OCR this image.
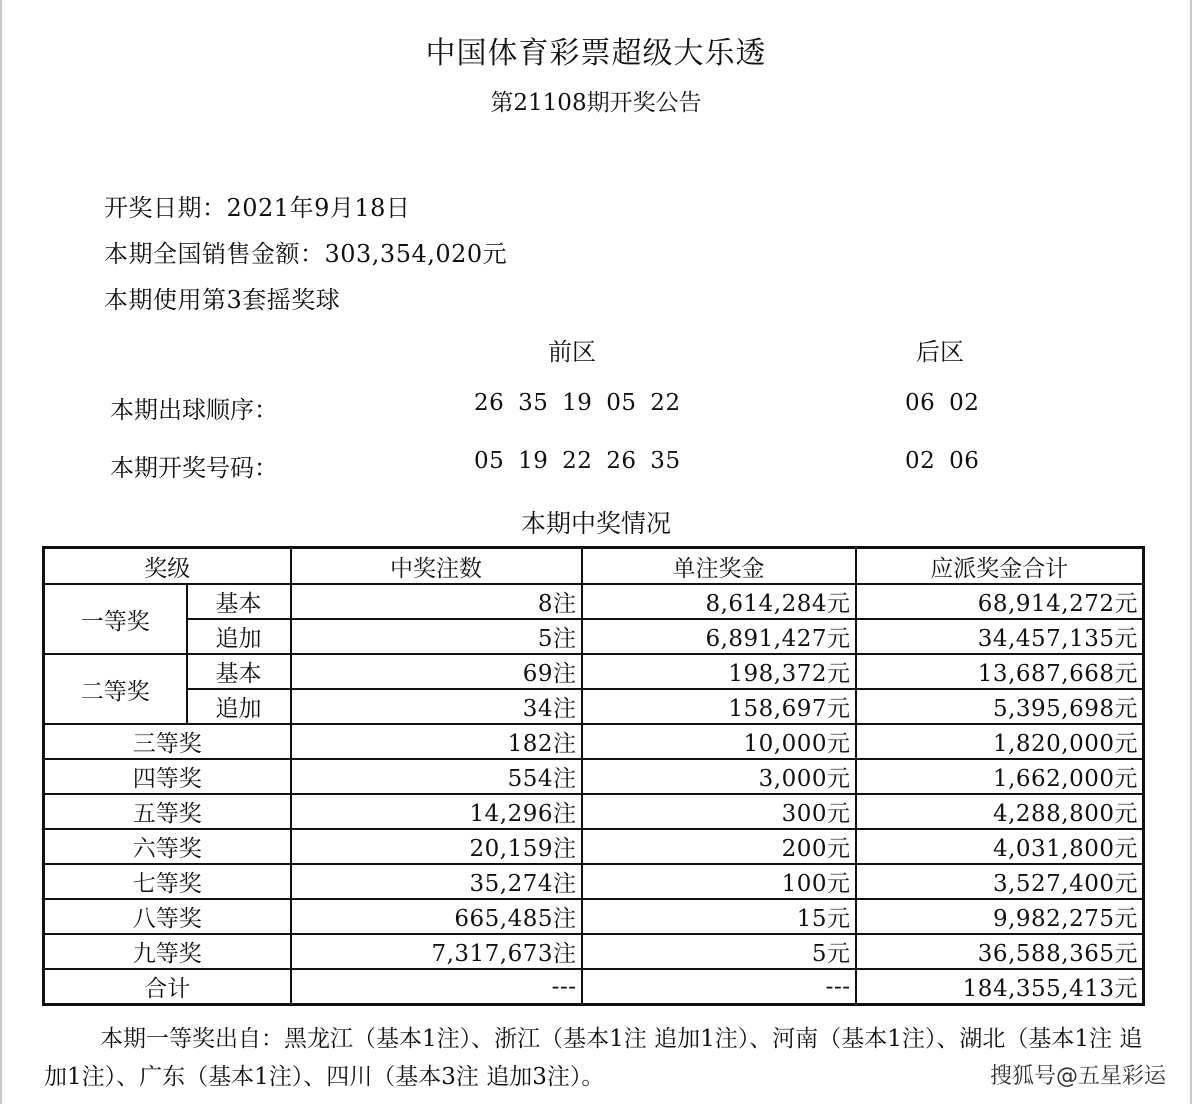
中国体育彩票超级大乐透
第21108期开奖公告
开奖日期：2021年9月18日
本期全国销售金额：303,354,020元
本期使用第3套摇奖球
前区	后区
本期出球顺序：	26 35 19 05 22	06 02
本期开奖号码：	05 19 22 26 35	02 06
本期中奖情况
奖级		中奖注数	单注奖金	应派奖金合计
一等奖	基本	8注	8,614,284元	68,914,272元
	追加	5注	6,891,427元	34,457,135元
二等奖	基本	69注	198,372元	13,687,668元
	追加	34注	158,697元	5,395,698元
三等奖		182注	10,000元	1,820,000元
四等奖		554注	3,000元	1,662,000元
五等奖		14,296注	300元	4,288,800元
六等奖		20,159注	200元	4,031,800元
七等奖		35,274注	100元	3,527,400元
八等奖		665,485注	15元	9,982,275元
九等奖		7,317,673注	5元	36,588,365元
合计		---	---	184,355,413元
本期一等奖出自：黑龙江（基本1注）、浙江（基本1注 追加1注）、河南（基本1注）、湖北（基本1注 追加1注）、广东（基本1注）、四川（基本3注 追加3注）。	搜狐号@五星彩运
